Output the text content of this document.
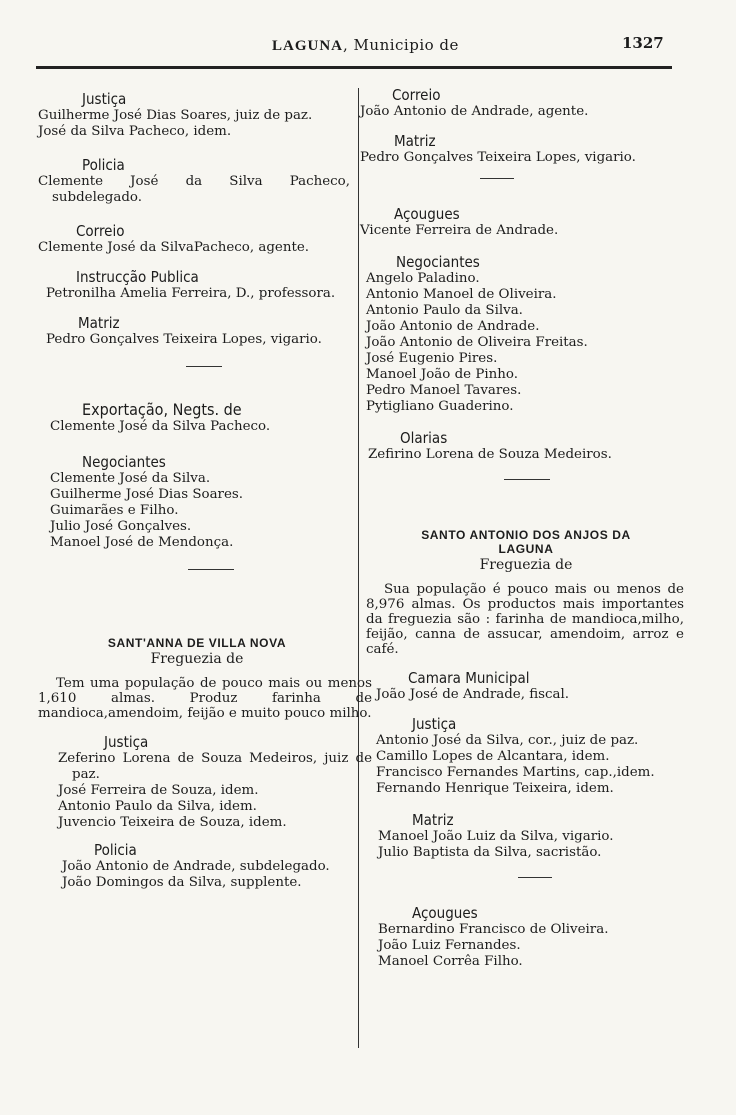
LAGUNA, Municipio de	1327
Justiça
Guilherme José Dias Soares, juiz de paz.
José da Silva Pacheco, idem.
Policia
Clemente José da Silva Pacheco, subdelegado.
Correio
Clemente José da SilvaPacheco, agente.
Instrucção Publica
Petronilha Amelia Ferreira, D., professora.
Matriz
Pedro Gonçalves Teixeira Lopes, vigario.
Exportação, Negts. de
Clemente José da Silva Pacheco.
Negociantes
Clemente José da Silva.
Guilherme José Dias Soares.
Guimarães e Filho.
Julio José Gonçalves.
Manoel José de Mendonça.
SANT'ANNA DE VILLA NOVA
Freguezia de
Tem uma população de pouco mais ou menos 1,610 almas. Produz farinha de mandioca,amendoim, feijão e muito pouco milho.
Justiça
Zeferino Lorena de Souza Medeiros, juiz de paz.
José Ferreira de Souza, idem.
Antonio Paulo da Silva, idem.
Juvencio Teixeira de Souza, idem.
Policia
João Antonio de Andrade, subdelegado.
João Domingos da Silva, supplente.
Correio
João Antonio de Andrade, agente.
Matriz
Pedro Gonçalves Teixeira Lopes, vigario.
Açougues
Vicente Ferreira de Andrade.
Negociantes
Angelo Paladino.
Antonio Manoel de Oliveira.
Antonio Paulo da Silva.
João Antonio de Andrade.
João Antonio de Oliveira Freitas.
José Eugenio Pires.
Manoel João de Pinho.
Pedro Manoel Tavares.
Pytigliano Guaderino.
Olarias
Zefirino Lorena de Souza Medeiros.
SANTO ANTONIO DOS ANJOS DA
LAGUNA
Freguezia de
Sua população é pouco mais ou menos de 8,976 almas. Os productos mais importantes da freguezia são : farinha de mandioca,milho, feijão, canna de assucar, amendoim, arroz e café.
Camara Municipal
João José de Andrade, fiscal.
Justiça
Antonio José da Silva, cor., juiz de paz.
Camillo Lopes de Alcantara, idem.
Francisco Fernandes Martins, cap.,idem.
Fernando Henrique Teixeira, idem.
Matriz
Manoel João Luiz da Silva, vigario.
Julio Baptista da Silva, sacristão.
Açougues
Bernardino Francisco de Oliveira.
João Luiz Fernandes.
Manoel Corrêa Filho.
